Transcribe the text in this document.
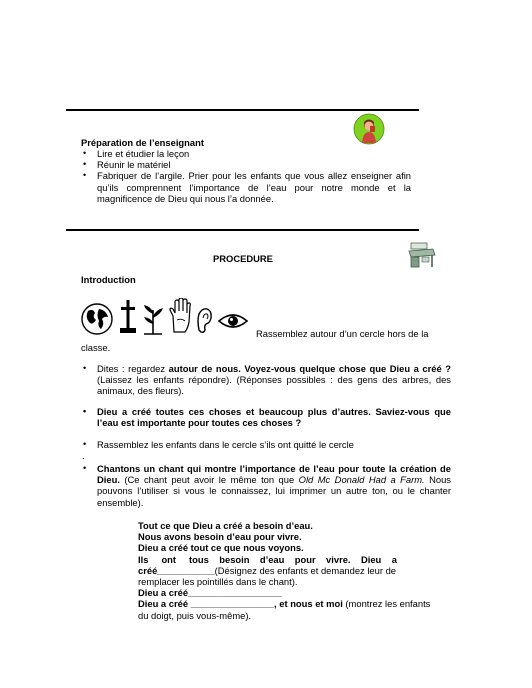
Préparation de l’enseignant
• Lire et étudier la leçon
• Réunir le matériel
• Fabriquer de l’argile. Prier pour les enfants que vous allez enseigner afin qu’ils comprennent l’importance de l’eau pour notre monde et la magnificence de Dieu qui nous l’a donnée.
PROCEDURE
Introduction
Rassemblez autour d’un cercle hors de la
classe.
• Dites : regardez autour de nous. Voyez-vous quelque chose que Dieu a créé ? (Laissez les enfants répondre). (Réponses possibles : des gens des arbres, des animaux, des fleurs).
• Dieu a créé toutes ces choses et beaucoup plus d’autres. Saviez-vous que l’eau est importante pour toutes ces choses ?
• Rassemblez les enfants dans le cercle s’ils ont quitté le cercle
.
• Chantons un chant qui montre l’importance de l’eau pour toute la création de Dieu. (Ce chant peut avoir le même ton que Old Mc Donald Had a Farm. Nous pouvons l’utiliser si vous le connaissez, lui imprimer un autre ton, ou le chanter ensemble).
Tout ce que Dieu a créé a besoin d’eau.
Nous avons besoin d’eau pour vivre.
Dieu a créé tout ce que nous voyons.
Ils     ont     tous    besoin    d’eau    pour    vivre.    Dieu    a
créé___________(Désignez des enfants et demandez leur de
remplacer les pointillés dans le chant).
Dieu a créé__________________
Dieu a créé ________________, et nous et moi (montrez les enfants
du doigt, puis vous-même).
